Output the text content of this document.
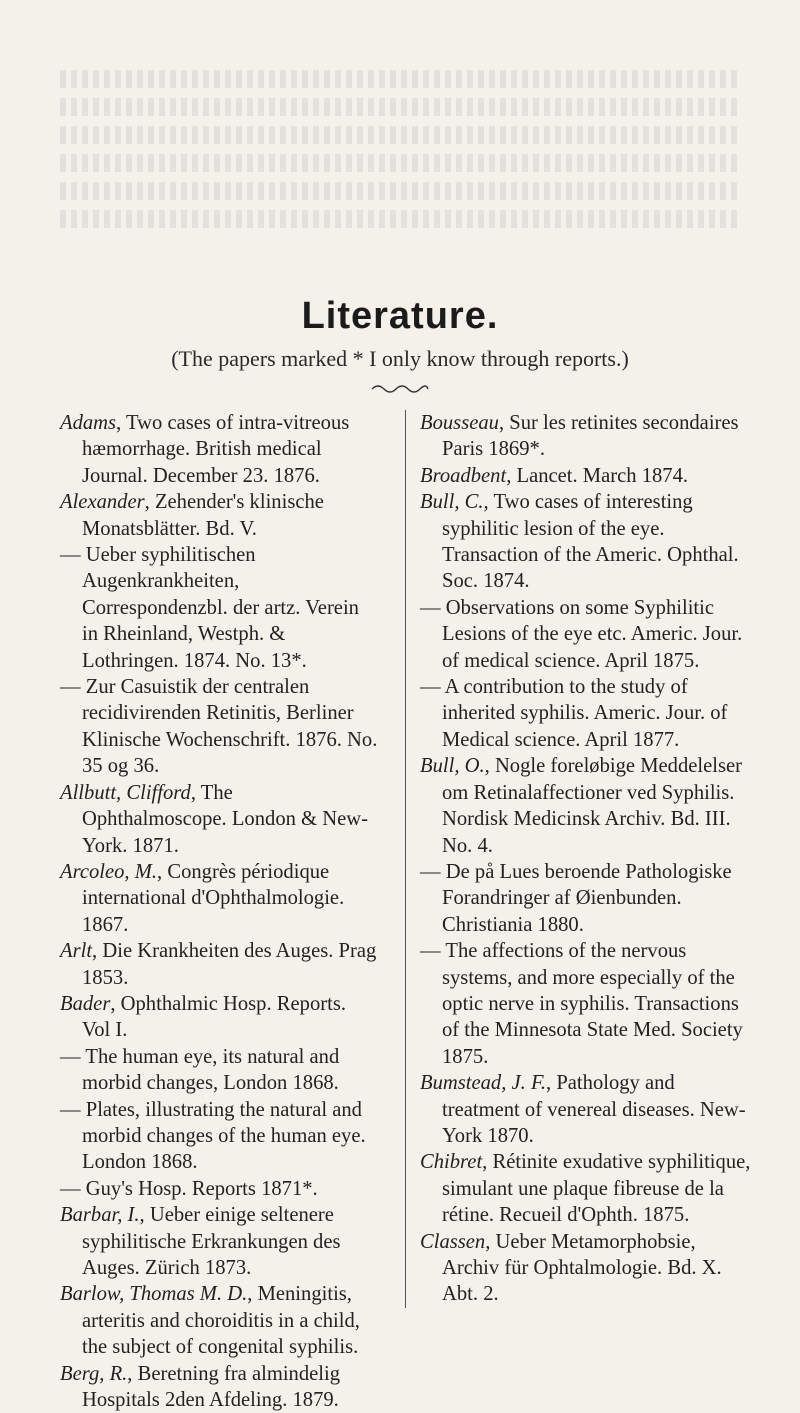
Literature.
(The papers marked * I only know through reports.)

Adams, Two cases of intra-vitreous hæmorrhage. British medical Journal. December 23. 1876.

Alexander, Zehender's klinische Monatsblätter. Bd. V.

— Ueber syphilitischen Augenkrankheiten, Correspondenzbl. der artz. Verein in Rheinland, Westph. & Lothringen. 1874. No. 13*.

— Zur Casuistik der centralen recidivirenden Retinitis, Berliner Klinische Wochenschrift. 1876. No. 35 og 36.

Allbutt, Clifford, The Ophthalmoscope. London & New-York. 1871.

Arcoleo, M., Congrès périodique international d'Ophthalmologie. 1867.

Arlt, Die Krankheiten des Auges. Prag 1853.

Bader, Ophthalmic Hosp. Reports. Vol I.

— The human eye, its natural and morbid changes, London 1868.

— Plates, illustrating the natural and morbid changes of the human eye. London 1868.

— Guy's Hosp. Reports 1871*.

Barbar, I., Ueber einige seltenere syphilitische Erkrankungen des Auges. Zürich 1873.

Barlow, Thomas M. D., Meningitis, arteritis and choroiditis in a child, the subject of congenital syphilis.

Berg, R., Beretning fra almindelig Hospitals 2den Afdeling. 1879.

Bousseau, Sur les retinites secondaires Paris 1869*.

Broadbent, Lancet. March 1874.

Bull, C., Two cases of interesting syphilitic lesion of the eye. Transaction of the Americ. Ophthal. Soc. 1874.

— Observations on some Syphilitic Lesions of the eye etc. Americ. Jour. of medical science. April 1875.

— A contribution to the study of inherited syphilis. Americ. Jour. of Medical science. April 1877.

Bull, O., Nogle foreløbige Meddelelser om Retinalaffectioner ved Syphilis. Nordisk Medicinsk Archiv. Bd. III. No. 4.

— De på Lues beroende Pathologiske Forandringer af Øienbunden. Christiania 1880.

— The affections of the nervous systems, and more especially of the optic nerve in syphilis. Transactions of the Minnesota State Med. Society 1875.

Bumstead, J. F., Pathology and treatment of venereal diseases. New-York 1870.

Chibret, Rétinite exudative syphilitique, simulant une plaque fibreuse de la rétine. Recueil d'Ophth. 1875.

Classen, Ueber Metamorphobsie, Archiv für Ophtalmologie. Bd. X. Abt. 2.
